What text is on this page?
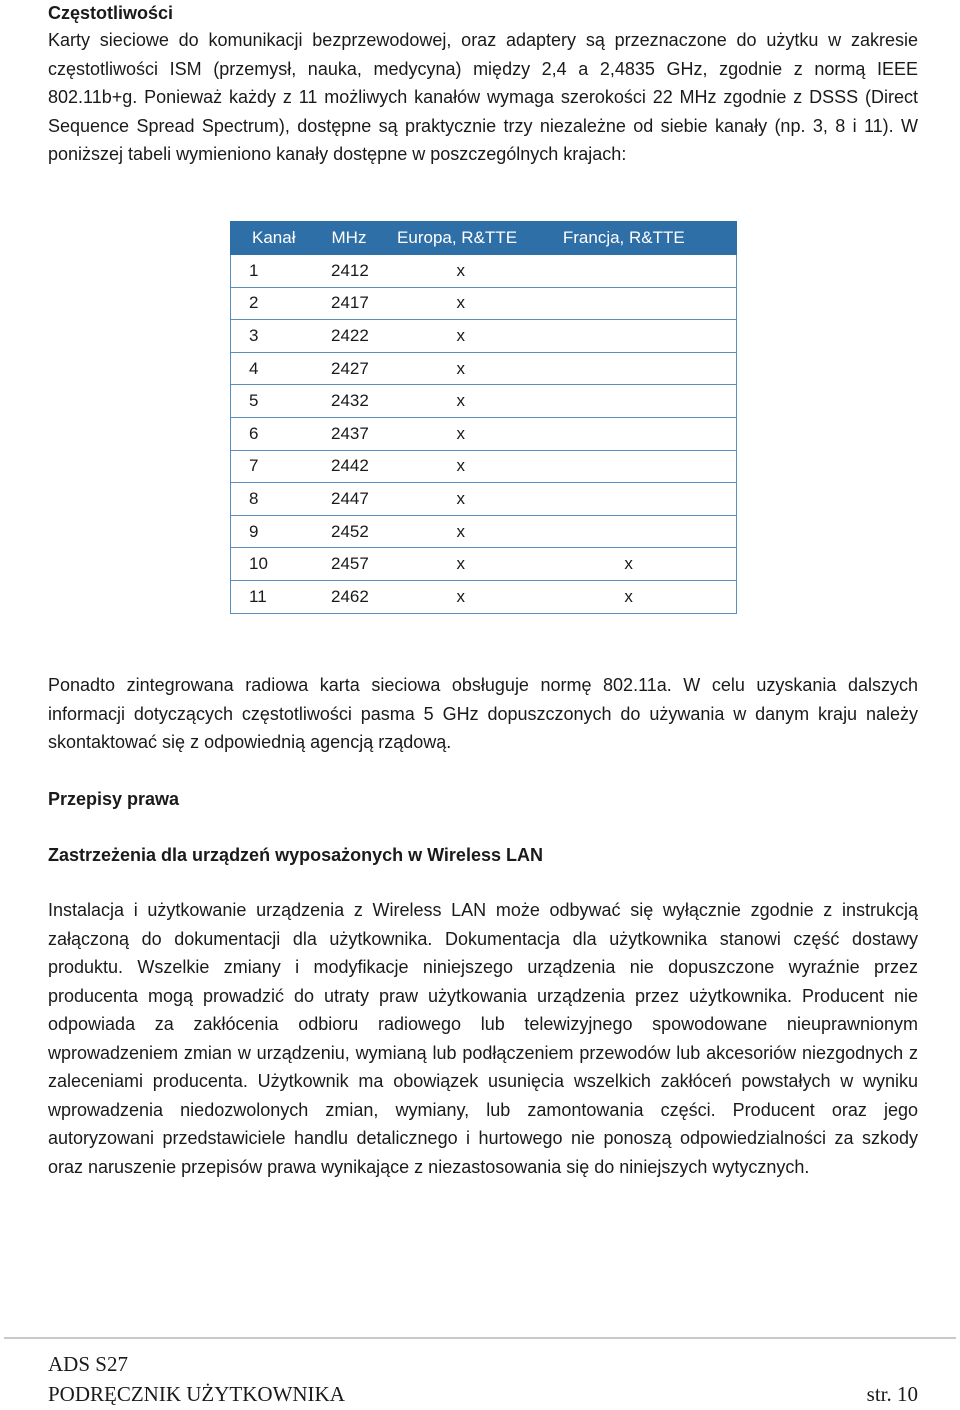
Częstotliwości

Karty sieciowe do komunikacji bezprzewodowej, oraz adaptery są przeznaczone do użytku w zakresie częstotliwości ISM (przemysł, nauka, medycyna) między 2,4 a 2,4835 GHz, zgodnie z normą IEEE 802.11b+g. Ponieważ każdy z 11 możliwych kanałów wymaga szerokości 22 MHz zgodnie z DSSS (Direct Sequence Spread Spectrum), dostępne są praktycznie trzy niezależne od siebie kanały (np. 3, 8 i 11). W poniższej tabeli wymieniono kanały dostępne w poszczególnych krajach:

Kanał	MHz	Europa, R&TTE	Francja, R&TTE
1	2412	x	
2	2417	x	
3	2422	x	
4	2427	x	
5	2432	x	
6	2437	x	
7	2442	x	
8	2447	x	
9	2452	x	
10	2457	x	x
11	2462	x	x

Ponadto zintegrowana radiowa karta sieciowa obsługuje normę 802.11a. W celu uzyskania dalszych informacji dotyczących częstotliwości pasma 5 GHz dopuszczonych do używania w danym kraju należy skontaktować się z odpowiednią agencją rządową.

Przepisy prawa
Zastrzeżenia dla urządzeń wyposażonych w Wireless LAN

Instalacja i użytkowanie urządzenia z Wireless LAN może odbywać się wyłącznie zgodnie z instrukcją załączoną do dokumentacji dla użytkownika. Dokumentacja dla użytkownika stanowi część dostawy produktu. Wszelkie zmiany i modyfikacje niniejszego urządzenia nie dopuszczone wyraźnie przez producenta mogą prowadzić do utraty praw użytkowania urządzenia przez użytkownika. Producent nie odpowiada za zakłócenia odbioru radiowego lub telewizyjnego spowodowane nieuprawnionym wprowadzeniem zmian w urządzeniu, wymianą lub podłączeniem przewodów lub akcesoriów niezgodnych z zaleceniami producenta. Użytkownik ma obowiązek usunięcia wszelkich zakłóceń powstałych w wyniku wprowadzenia niedozwolonych zmian, wymiany, lub zamontowania części. Producent oraz jego autoryzowani przedstawiciele handlu detalicznego i hurtowego nie ponoszą odpowiedzialności za szkody oraz naruszenie przepisów prawa wynikające z niezastosowania się do niniejszych wytycznych.

ADS S27
PODRĘCZNIK UŻYTKOWNIKA	str. 10
